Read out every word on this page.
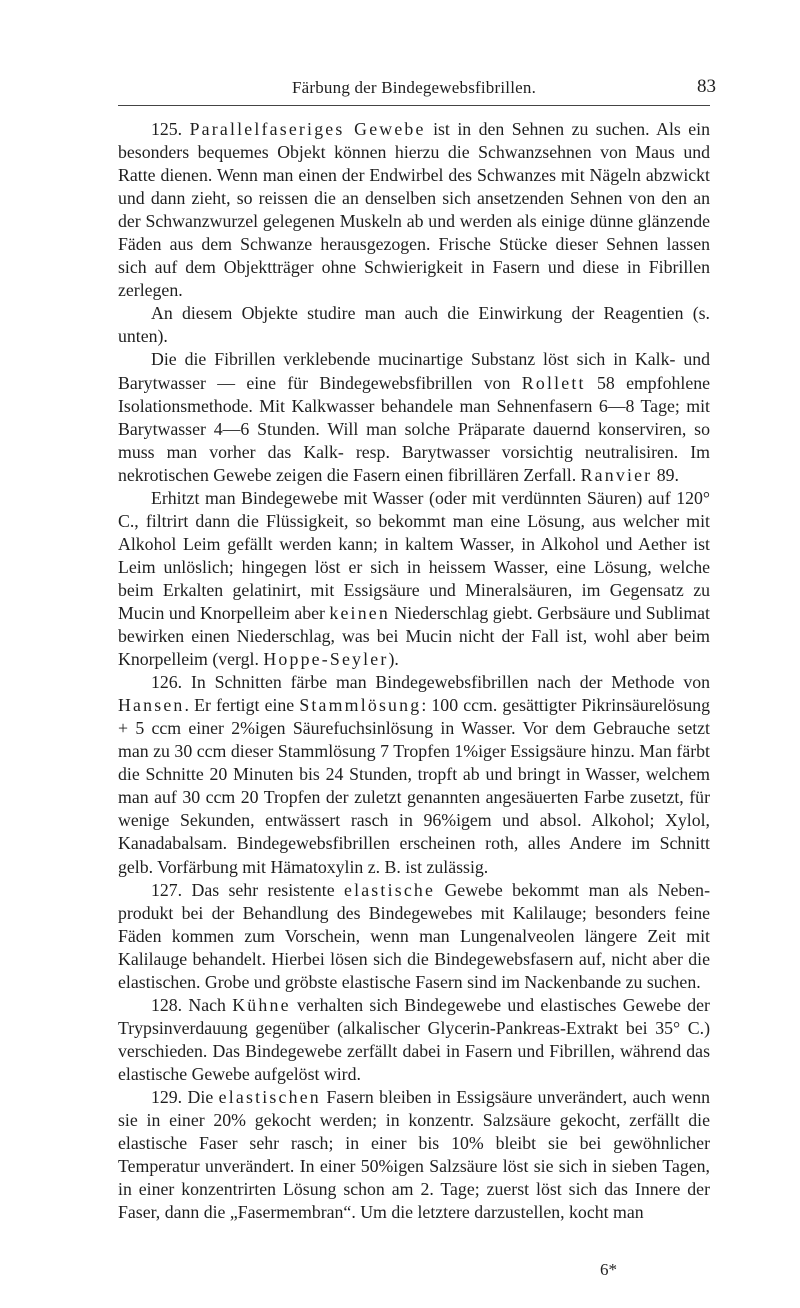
Färbung der Bindegewebsfibrillen.	83

125. Parallelfaseriges Gewebe ist in den Sehnen zu suchen. Als ein besonders bequemes Objekt können hierzu die Schwanzsehnen von Maus und Ratte dienen. Wenn man einen der Endwirbel des Schwanzes mit Nägeln abzwickt und dann zieht, so reissen die an denselben sich ansetzenden Sehnen von den an der Schwanzwurzel gelegenen Muskeln ab und werden als einige dünne glänzende Fäden aus dem Schwanze herausgezogen. Frische Stücke dieser Sehnen lassen sich auf dem Objektträger ohne Schwierigkeit in Fasern und diese in Fibrillen zerlegen.

An diesem Objekte studire man auch die Einwirkung der Reagentien (s. unten).

Die die Fibrillen verklebende mucinartige Substanz löst sich in Kalk- und Barytwasser — eine für Bindegewebsfibrillen von Rollett 58 empfohlene Isolationsmethode. Mit Kalkwasser behandele man Sehnenfasern 6—8 Tage; mit Barytwasser 4—6 Stunden. Will man solche Präparate dauernd konserviren, so muss man vorher das Kalk- resp. Barytwasser vorsichtig neutralisiren. Im nekrotischen Gewebe zeigen die Fasern einen fibrillären Zerfall. Ranvier 89.

Erhitzt man Bindegewebe mit Wasser (oder mit verdünnten Säuren) auf 120° C., filtrirt dann die Flüssigkeit, so bekommt man eine Lösung, aus welcher mit Alkohol Leim gefällt werden kann; in kaltem Wasser, in Alkohol und Aether ist Leim unlöslich; hingegen löst er sich in heissem Wasser, eine Lösung, welche beim Erkalten gelatinirt, mit Essigsäure und Mineralsäuren, im Gegensatz zu Mucin und Knorpelleim aber keinen Niederschlag giebt. Gerbsäure und Sublimat bewirken einen Niederschlag, was bei Mucin nicht der Fall ist, wohl aber beim Knorpelleim (vergl. Hoppe-Seyler).

126. In Schnitten färbe man Bindegewebsfibrillen nach der Methode von Hansen. Er fertigt eine Stammlösung: 100 ccm. gesättigter Pikrinsäurelösung + 5 ccm einer 2%igen Säurefuchsinlösung in Wasser. Vor dem Gebrauche setzt man zu 30 ccm dieser Stammlösung 7 Tropfen 1%iger Essigsäure hinzu. Man färbt die Schnitte 20 Minuten bis 24 Stunden, tropft ab und bringt in Wasser, welchem man auf 30 ccm 20 Tropfen der zuletzt genannten angesäuerten Farbe zusetzt, für wenige Sekunden, entwässert rasch in 96%igem und absol. Alkohol; Xylol, Kanadabalsam. Bindegewebsfibrillen erscheinen roth, alles Andere im Schnitt gelb. Vorfärbung mit Hämatoxylin z. B. ist zulässig.

127. Das sehr resistente elastische Gewebe bekommt man als Nebenprodukt bei der Behandlung des Bindegewebes mit Kalilauge; besonders feine Fäden kommen zum Vorschein, wenn man Lungenalveolen längere Zeit mit Kalilauge behandelt. Hierbei lösen sich die Bindegewebsfasern auf, nicht aber die elastischen. Grobe und gröbste elastische Fasern sind im Nackenbande zu suchen.

128. Nach Kühne verhalten sich Bindegewebe und elastisches Gewebe der Trypsinverdauung gegenüber (alkalischer Glycerin-Pankreas-Extrakt bei 35° C.) verschieden. Das Bindegewebe zerfällt dabei in Fasern und Fibrillen, während das elastische Gewebe aufgelöst wird.

129. Die elastischen Fasern bleiben in Essigsäure unverändert, auch wenn sie in einer 20% gekocht werden; in konzentr. Salzsäure gekocht, zerfällt die elastische Faser sehr rasch; in einer bis 10% bleibt sie bei gewöhnlicher Temperatur unverändert. In einer 50%igen Salzsäure löst sie sich in sieben Tagen, in einer konzentrirten Lösung schon am 2. Tage; zuerst löst sich das Innere der Faser, dann die „Fasermembran“. Um die letztere darzustellen, kocht man

6*
